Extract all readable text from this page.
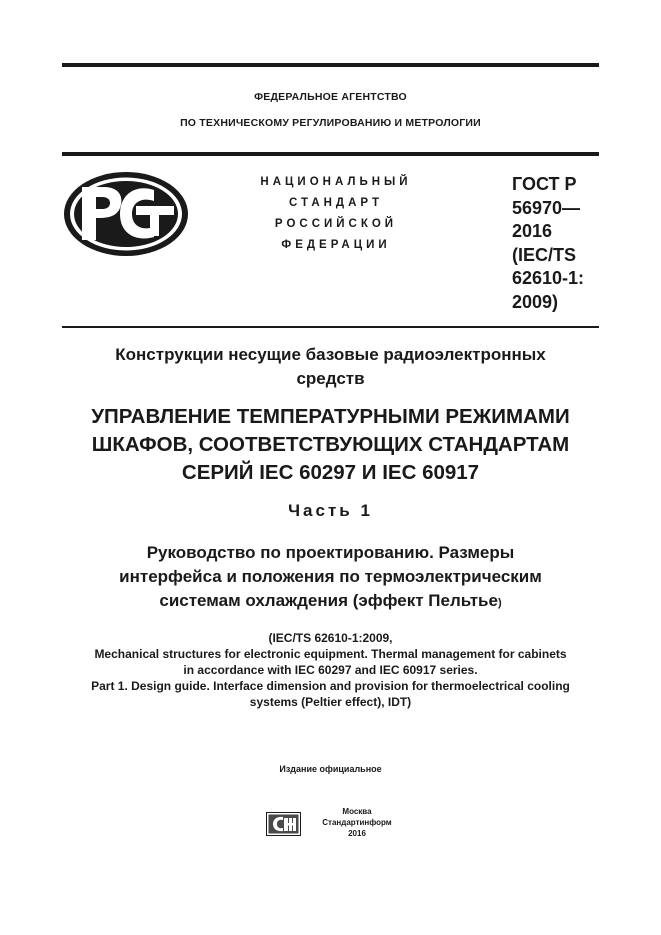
ФЕДЕРАЛЬНОЕ АГЕНТСТВО
ПО ТЕХНИЧЕСКОМУ РЕГУЛИРОВАНИЮ И МЕТРОЛОГИИ
НАЦИОНАЛЬНЫЙ
СТАНДАРТ
РОССИЙСКОЙ
ФЕДЕРАЦИИ
ГОСТ Р
56970—
2016
(IEC/TS
62610-1:
2009)
Конструкции несущие базовые радиоэлектронных
средств
УПРАВЛЕНИЕ ТЕМПЕРАТУРНЫМИ РЕЖИМАМИ
ШКАФОВ, СООТВЕТСТВУЮЩИХ СТАНДАРТАМ
СЕРИЙ IEC 60297 И IEC 60917
Часть 1
Руководство по проектированию. Размеры
интерфейса и положения по термоэлектрическим
системам охлаждения (эффект Пельтье)
(IEC/TS 62610-1:2009,
Mechanical structures for electronic equipment. Thermal management for cabinets
in accordance with IEC 60297 and IEC 60917 series.
Part 1. Design guide. Interface dimension and provision for thermoelectrical cooling
systems (Peltier effect), IDT)
Издание официальное
Москва
Стандартинформ
2016
